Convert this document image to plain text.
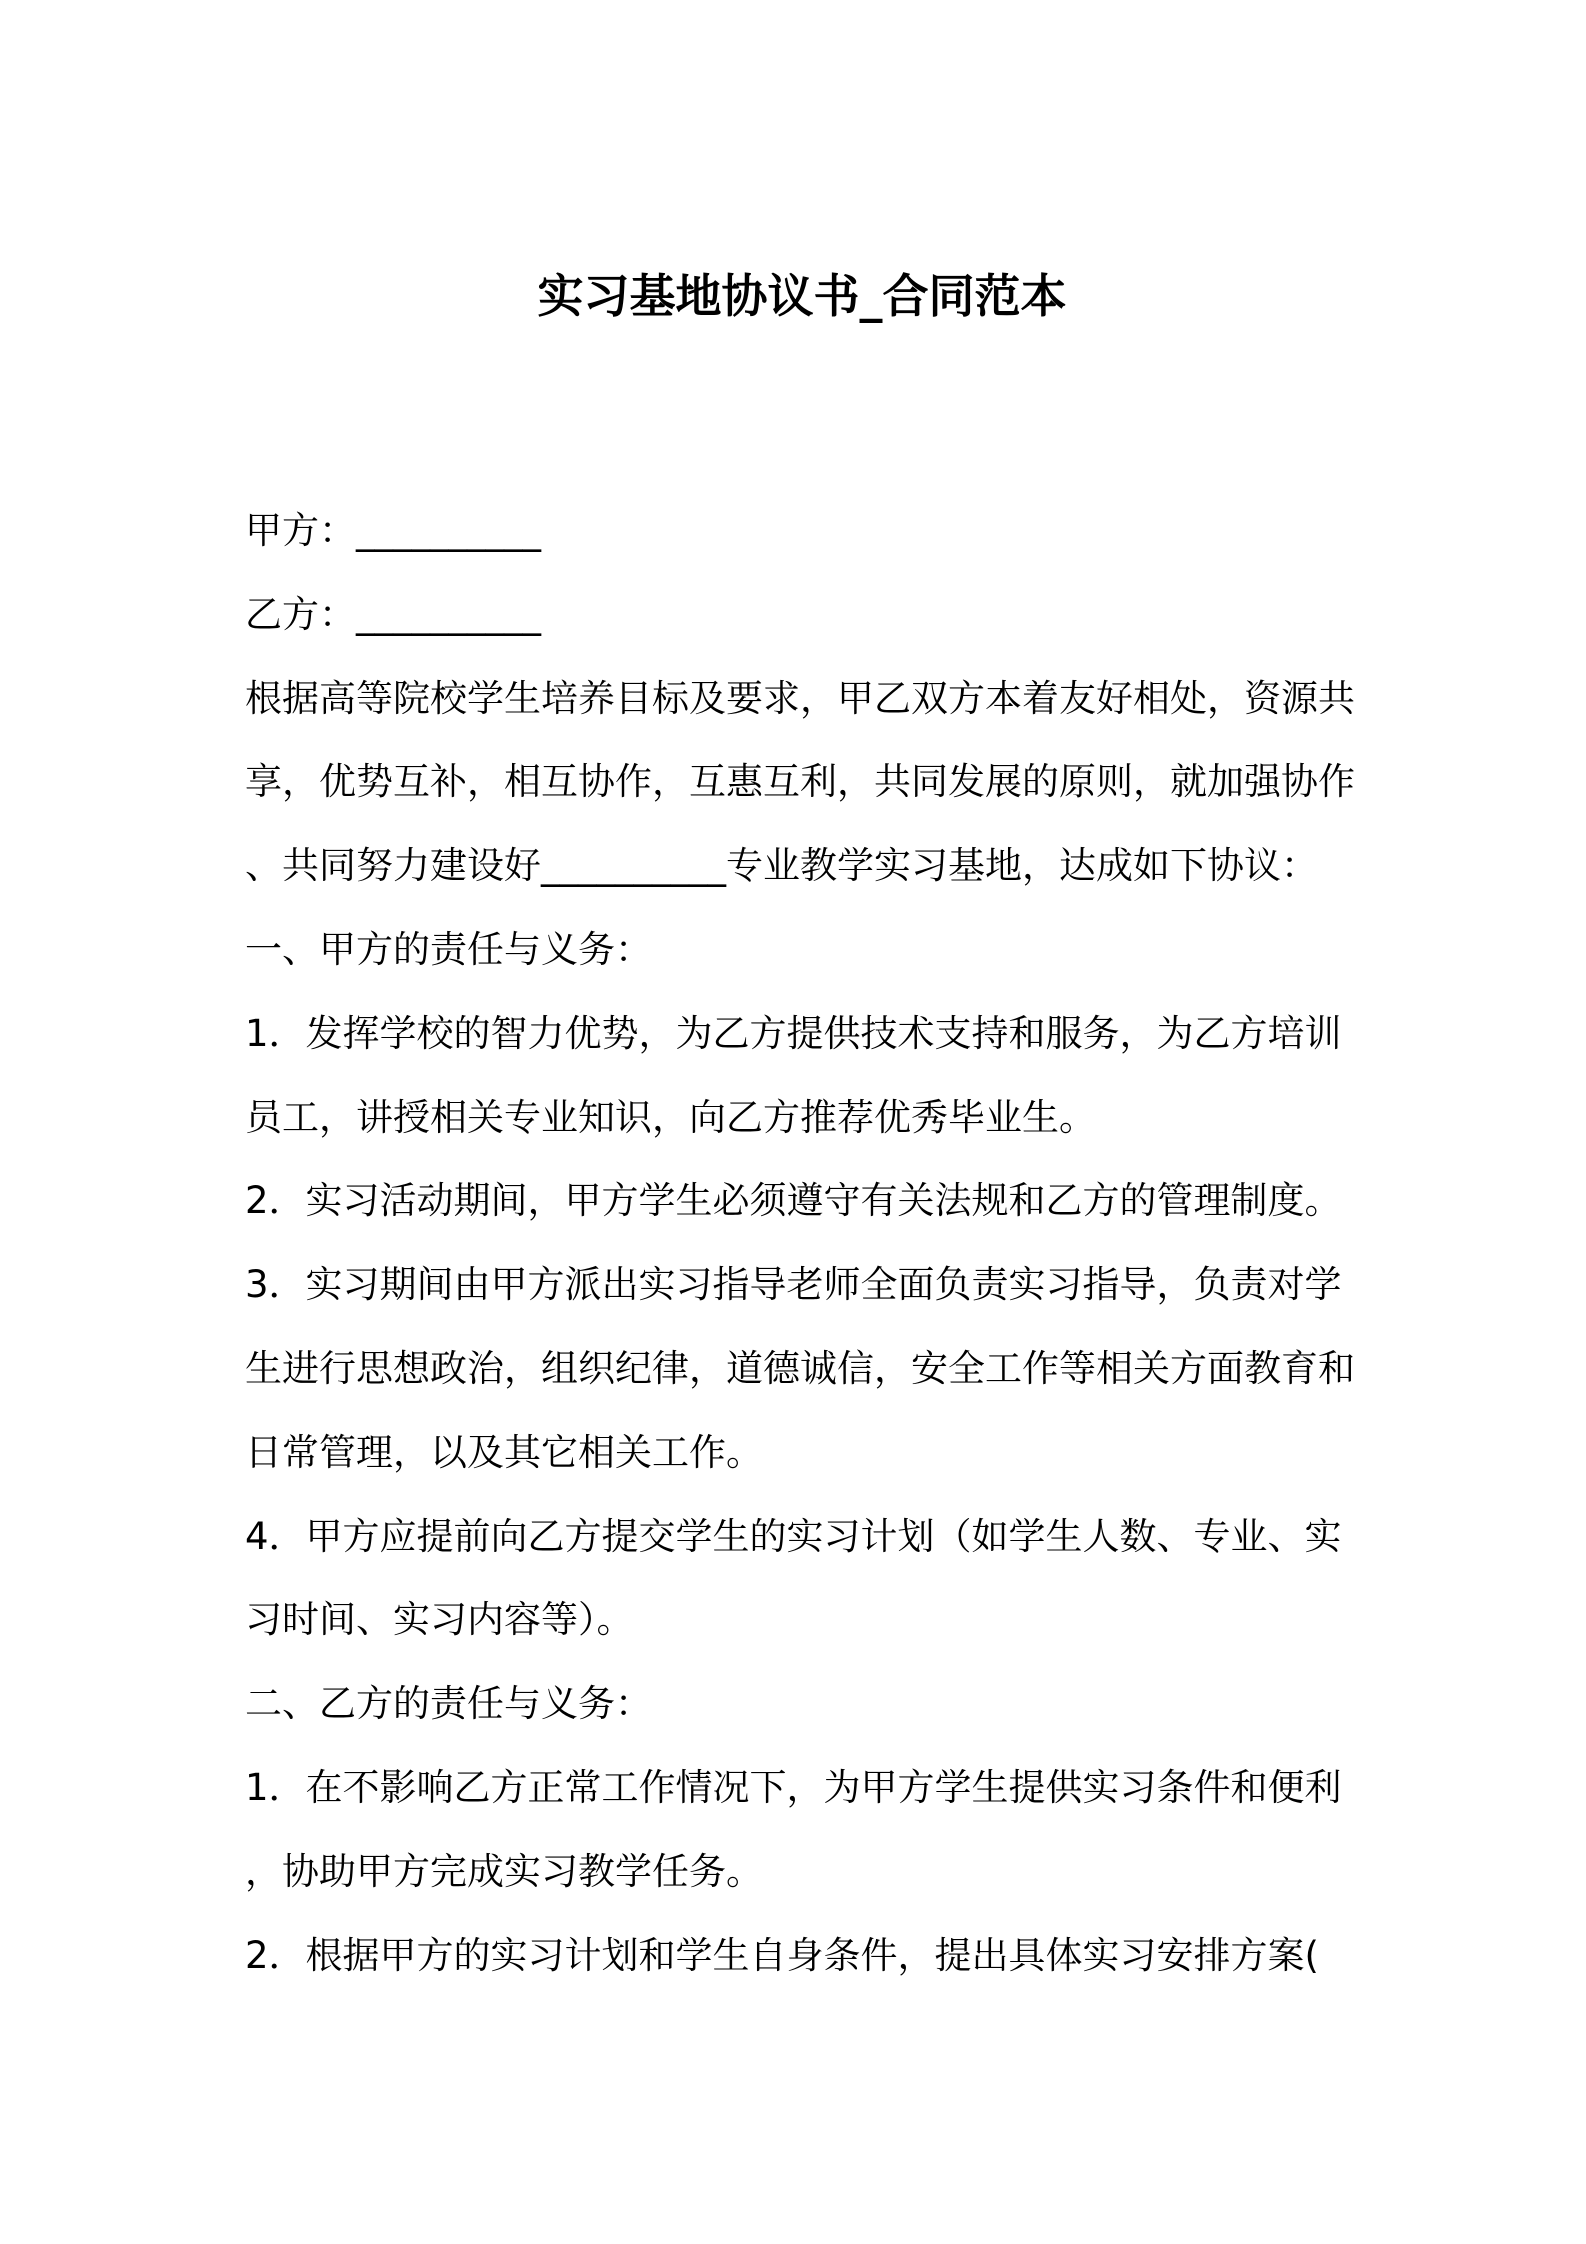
实习基地协议书_合同范本
甲方：__________
乙方：__________
根据高等院校学生培养目标及要求，甲乙双方本着友好相处，资源共
享，优势互补，相互协作，互惠互利，共同发展的原则，就加强协作
、共同努力建设好__________专业教学实习基地，达成如下协议：
一、甲方的责任与义务：
1．发挥学校的智力优势，为乙方提供技术支持和服务，为乙方培训
员工，讲授相关专业知识，向乙方推荐优秀毕业生。
2．实习活动期间，甲方学生必须遵守有关法规和乙方的管理制度。
3．实习期间由甲方派出实习指导老师全面负责实习指导，负责对学
生进行思想政治，组织纪律，道德诚信，安全工作等相关方面教育和
日常管理，以及其它相关工作。
4．甲方应提前向乙方提交学生的实习计划（如学生人数、专业、实
习时间、实习内容等）。
二、乙方的责任与义务：
1．在不影响乙方正常工作情况下，为甲方学生提供实习条件和便利
，协助甲方完成实习教学任务。
2．根据甲方的实习计划和学生自身条件，提出具体实习安排方案(
